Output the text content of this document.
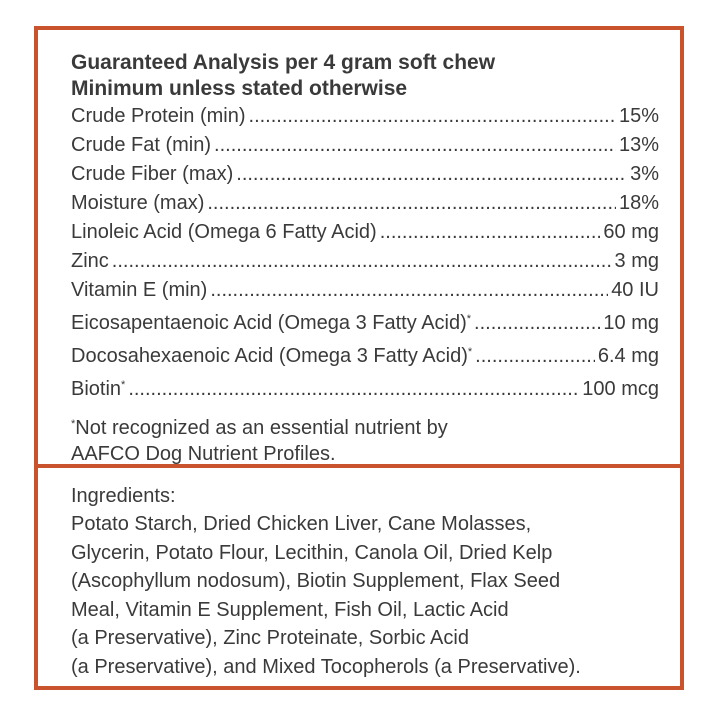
Guaranteed Analysis per 4 gram soft chew
Minimum unless stated otherwise
Crude Protein (min) .....	15%
Crude Fat (min) .....	13%
Crude Fiber (max) .....	3%
Moisture (max) .....	18%
Linoleic Acid (Omega 6 Fatty Acid) .....	60 mg
Zinc .....	3 mg
Vitamin E (min) .....	40 IU
Eicosapentaenoic Acid (Omega 3 Fatty Acid)* .....	10 mg
Docosahexaenoic Acid (Omega 3 Fatty Acid)* .....	6.4 mg
Biotin* .....	100 mcg
*Not recognized as an essential nutrient by
AAFCO Dog Nutrient Profiles.
Ingredients:
Potato Starch, Dried Chicken Liver, Cane Molasses,
Glycerin, Potato Flour, Lecithin, Canola Oil, Dried Kelp
(Ascophyllum nodosum), Biotin Supplement, Flax Seed
Meal, Vitamin E Supplement, Fish Oil, Lactic Acid
(a Preservative), Zinc Proteinate, Sorbic Acid
(a Preservative), and Mixed Tocopherols (a Preservative).
